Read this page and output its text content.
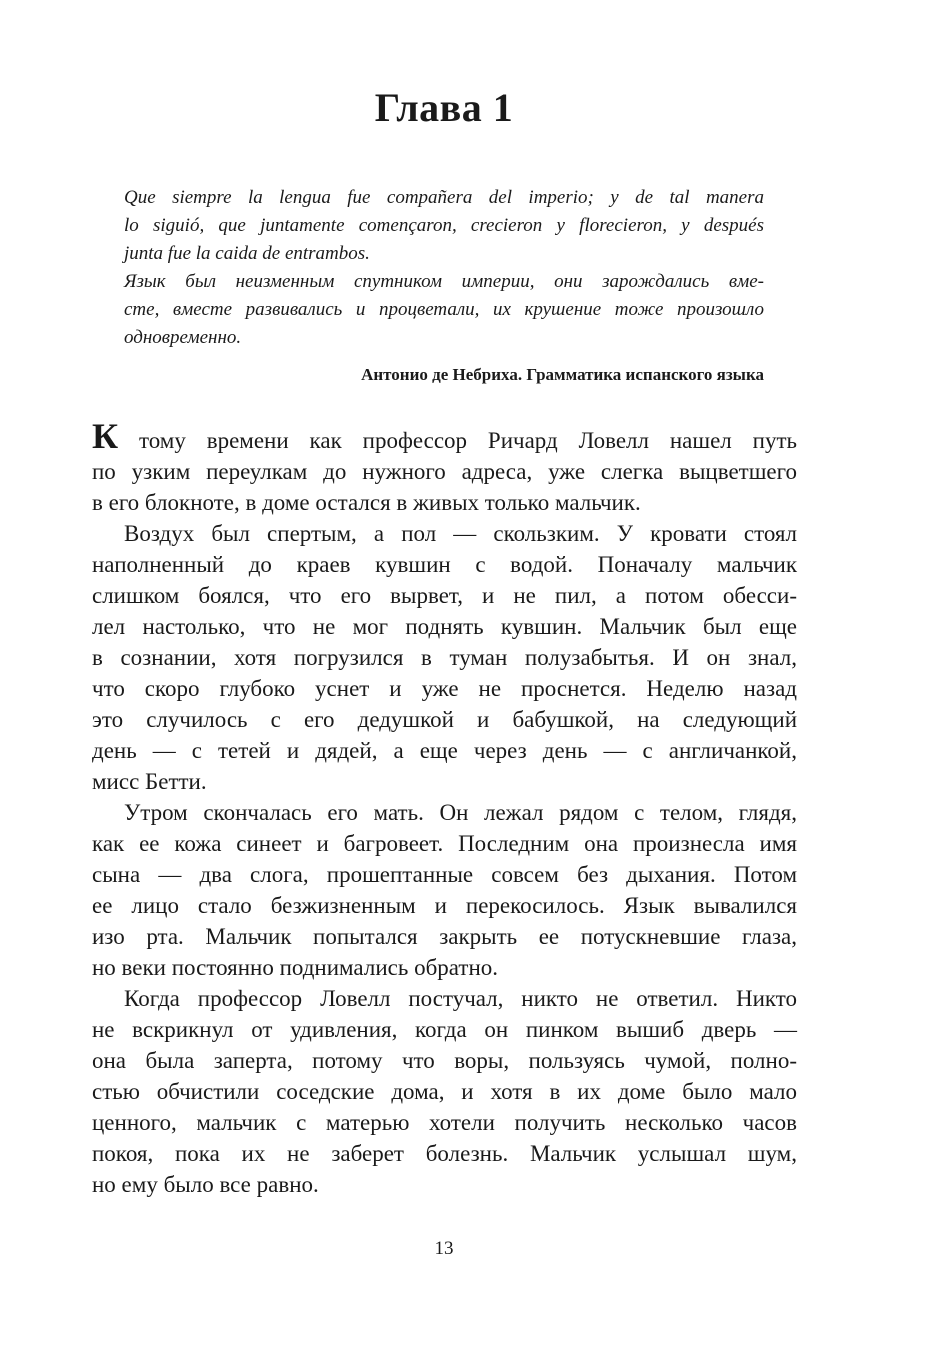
Глава 1
Que siempre la lengua fue compañera del imperio; y de tal manera
lo siguió, que juntamente començaron, crecieron y florecieron, y después
junta fue la caida de entrambos.
Язык был неизменным спутником империи, они зарождались вме-
сте, вместе развивались и процветали, их крушение тоже произошло
одновременно.
Антонио де Небриха. Грамматика испанского языка

К тому времени как профессор Ричард Ловелл нашел путь
по узким переулкам до нужного адреса, уже слегка выцветшего
в его блокноте, в доме остался в живых только мальчик.

Воздух был спертым, а пол — скользким. У кровати стоял
наполненный до краев кувшин с водой. Поначалу мальчик
слишком боялся, что его вырвет, и не пил, а потом обесси-
лел настолько, что не мог поднять кувшин. Мальчик был еще
в сознании, хотя погрузился в туман полузабытья. И он знал,
что скоро глубоко уснет и уже не проснется. Неделю назад
это случилось с его дедушкой и бабушкой, на следующий
день — с тетей и дядей, а еще через день — с англичанкой,
мисс Бетти.

Утром скончалась его мать. Он лежал рядом с телом, глядя,
как ее кожа синеет и багровеет. Последним она произнесла имя
сына — два слога, прошептанные совсем без дыхания. Потом
ее лицо стало безжизненным и перекосилось. Язык вывалился
изо рта. Мальчик попытался закрыть ее потускневшие глаза,
но веки постоянно поднимались обратно.

Когда профессор Ловелл постучал, никто не ответил. Никто
не вскрикнул от удивления, когда он пинком вышиб дверь —
она была заперта, потому что воры, пользуясь чумой, полно-
стью обчистили соседские дома, и хотя в их доме было мало
ценного, мальчик с матерью хотели получить несколько часов
покоя, пока их не заберет болезнь. Мальчик услышал шум,
но ему было все равно.

13
